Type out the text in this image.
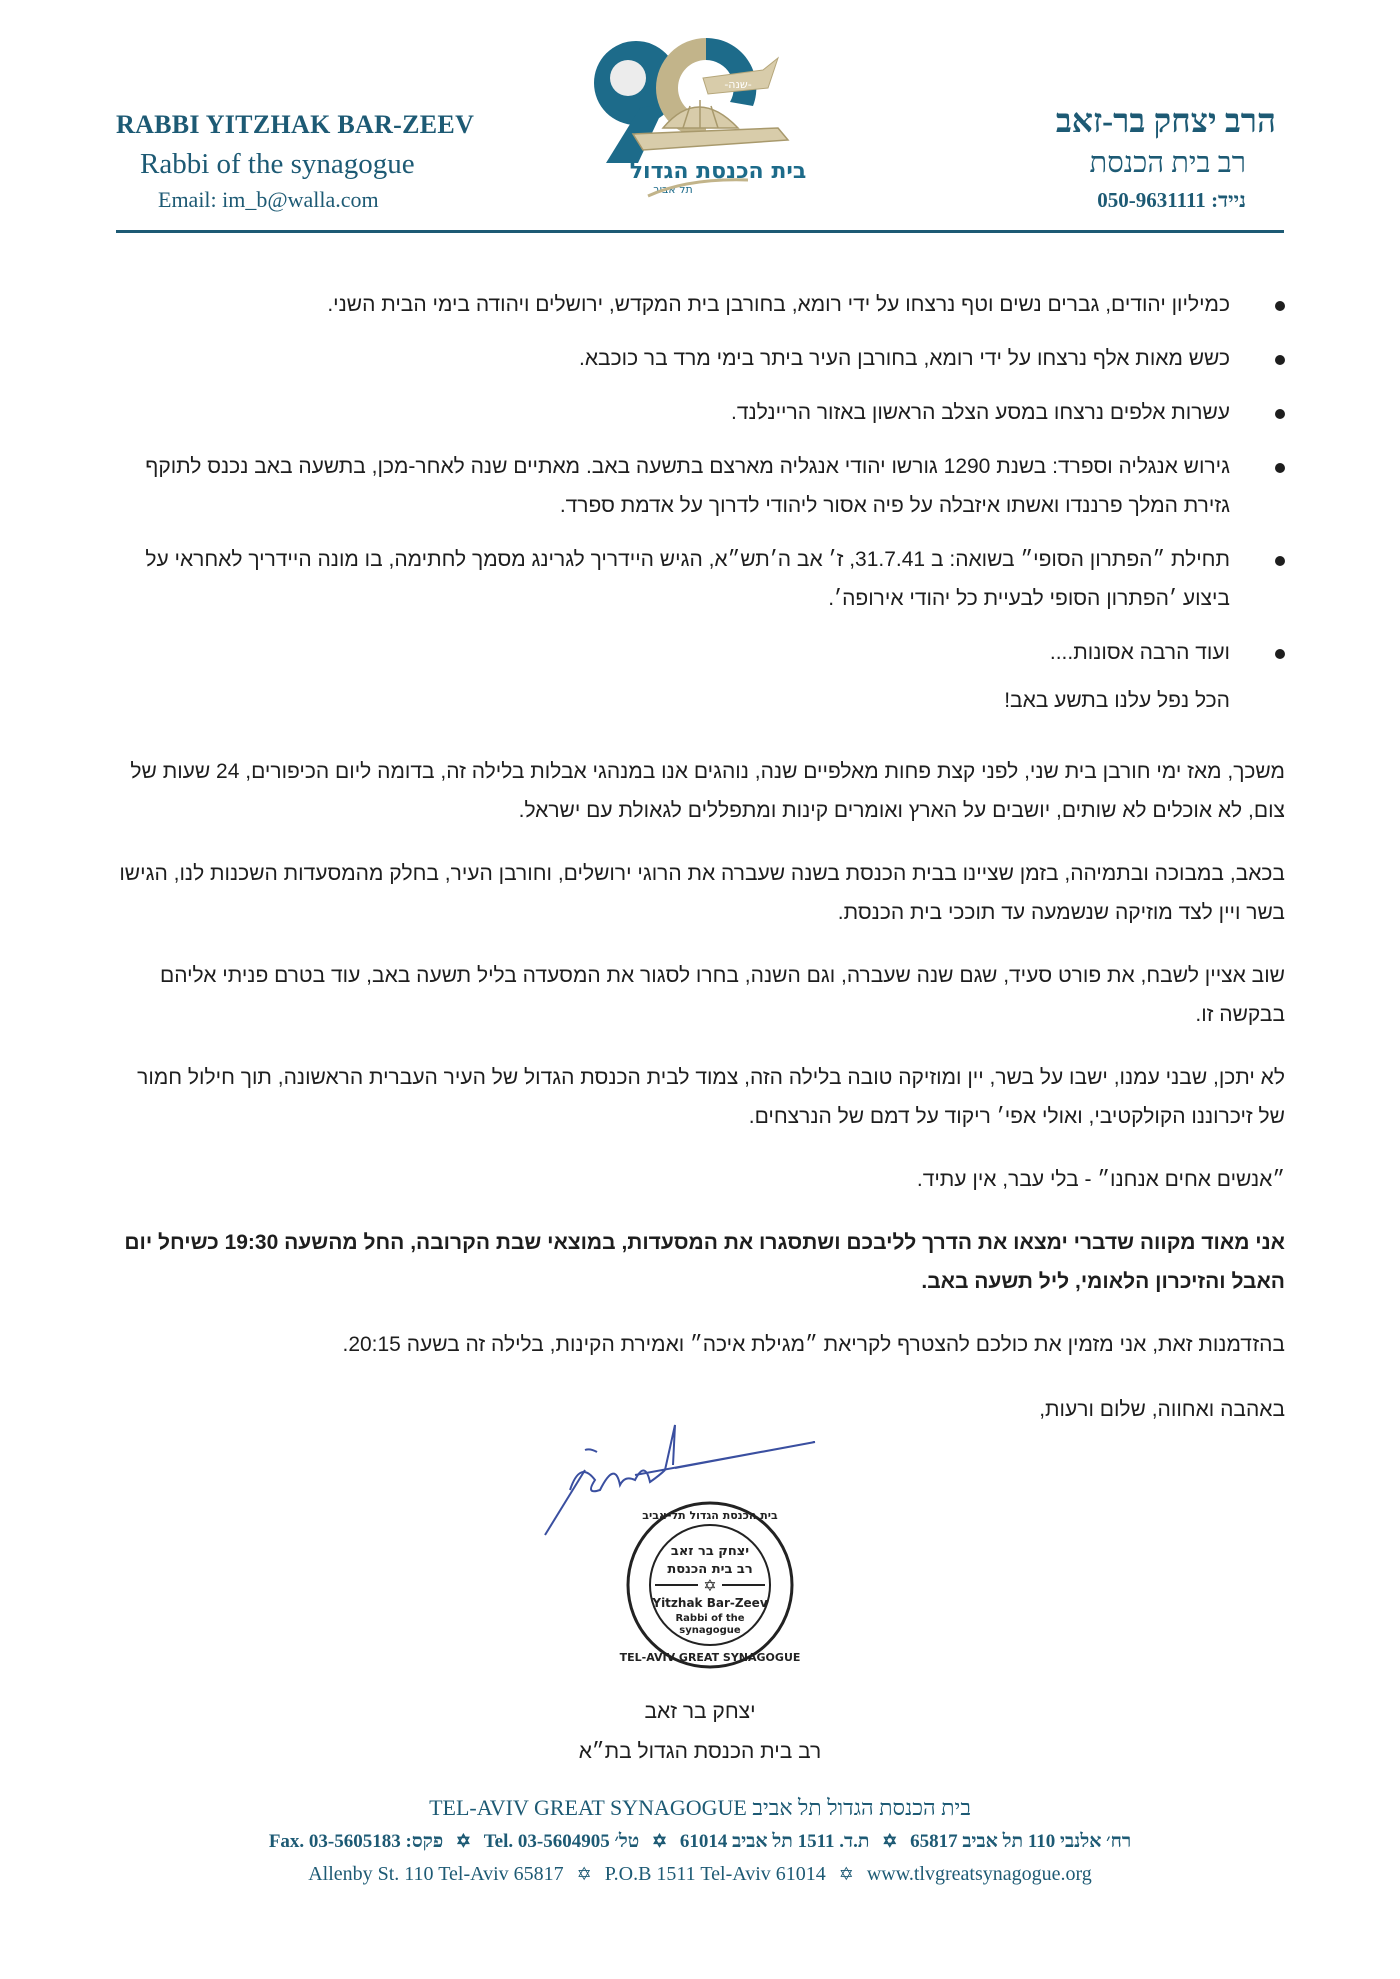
RABBI YITZHAK BAR-ZEEV
Rabbi of the synagogue
Email: im_b@walla.com
-שנה-
בית הכנסת הגדול
תל אביב
הרב יצחק בר-זאב
רב בית הכנסת
נייד: 050-9631111
כמיליון יהודים, גברים נשים וטף נרצחו על ידי רומא, בחורבן בית המקדש, ירושלים ויהודה בימי הבית השני.
כשש מאות אלף נרצחו על ידי רומא, בחורבן העיר ביתר בימי מרד בר כוכבא.
עשרות אלפים נרצחו במסע הצלב הראשון באזור הריינלנד.
גירוש אנגליה וספרד: בשנת 1290 גורשו יהודי אנגליה מארצם בתשעה באב. מאתיים שנה לאחר-מכן, בתשעה באב נכנס לתוקף גזירת המלך פרננדו ואשתו איזבלה על פיה אסור ליהודי לדרוך על אדמת ספרד.
תחילת ״הפתרון הסופי״ בשואה: ב 31.7.41, ז׳ אב ה׳תש״א, הגיש היידריך לגרינג מסמך לחתימה, בו מונה היידריך לאחראי על ביצוע ׳הפתרון הסופי לבעיית כל יהודי אירופה׳.
ועוד הרבה אסונות....
הכל נפל עלנו בתשע באב!

משכך, מאז ימי חורבן בית שני, לפני קצת פחות מאלפיים שנה, נוהגים אנו במנהגי אבלות בלילה זה, בדומה ליום הכיפורים, 24 שעות של צום, לא אוכלים לא שותים, יושבים על הארץ ואומרים קינות ומתפללים לגאולת עם ישראל.

בכאב, במבוכה ובתמיהה, בזמן שציינו בבית הכנסת בשנה שעברה את הרוגי ירושלים, וחורבן העיר, בחלק מהמסעדות השכנות לנו, הגישו בשר ויין לצד מוזיקה שנשמעה עד תוככי בית הכנסת.

שוב אציין לשבח, את פורט סעיד, שגם שנה שעברה, וגם השנה, בחרו לסגור את המסעדה בליל תשעה באב, עוד בטרם פניתי אליהם בבקשה זו.

לא יתכן, שבני עמנו, ישבו על בשר, יין ומוזיקה טובה בלילה הזה, צמוד לבית הכנסת הגדול של העיר העברית הראשונה, תוך חילול חמור של זיכרוננו הקולקטיבי, ואולי אפי׳ ריקוד על דמם של הנרצחים.

״אנשים אחים אנחנו״ - בלי עבר, אין עתיד.

אני מאוד מקווה שדברי ימצאו את הדרך לליבכם ושתסגרו את המסעדות, במוצאי שבת הקרובה, החל מהשעה 19:30 כשיחל יום האבל והזיכרון הלאומי, ליל תשעה באב.

בהזדמנות זאת, אני מזמין את כולכם להצטרף לקריאת ״מגילת איכה״ ואמירת הקינות, בלילה זה בשעה 20:15.

באהבה ואחווה, שלום ורעות,

✡
יצחק בר זאב
רב בית הכנסת
Yitzhak Bar-Zeev
Rabbi of the
synagogue
בית הכנסת הגדול תל-אביב
TEL-AVIV GREAT SYNAGOGUE
יצחק בר זאב
רב בית הכנסת הגדול בת״א
TEL-AVIV GREAT SYNAGOGUE בית הכנסת הגדול תל אביב
רח׳ אלנבי 110 תל אביב 65817 ✡ ת.ד. 1511 תל אביב 61014 ✡ טל׳ Tel. 03-5604905 ✡ פקס: Fax. 03-5605183
Allenby St. 110 Tel-Aviv 65817 ✡ P.O.B 1511 Tel-Aviv 61014 ✡ www.tlvgreatsynagogue.org
